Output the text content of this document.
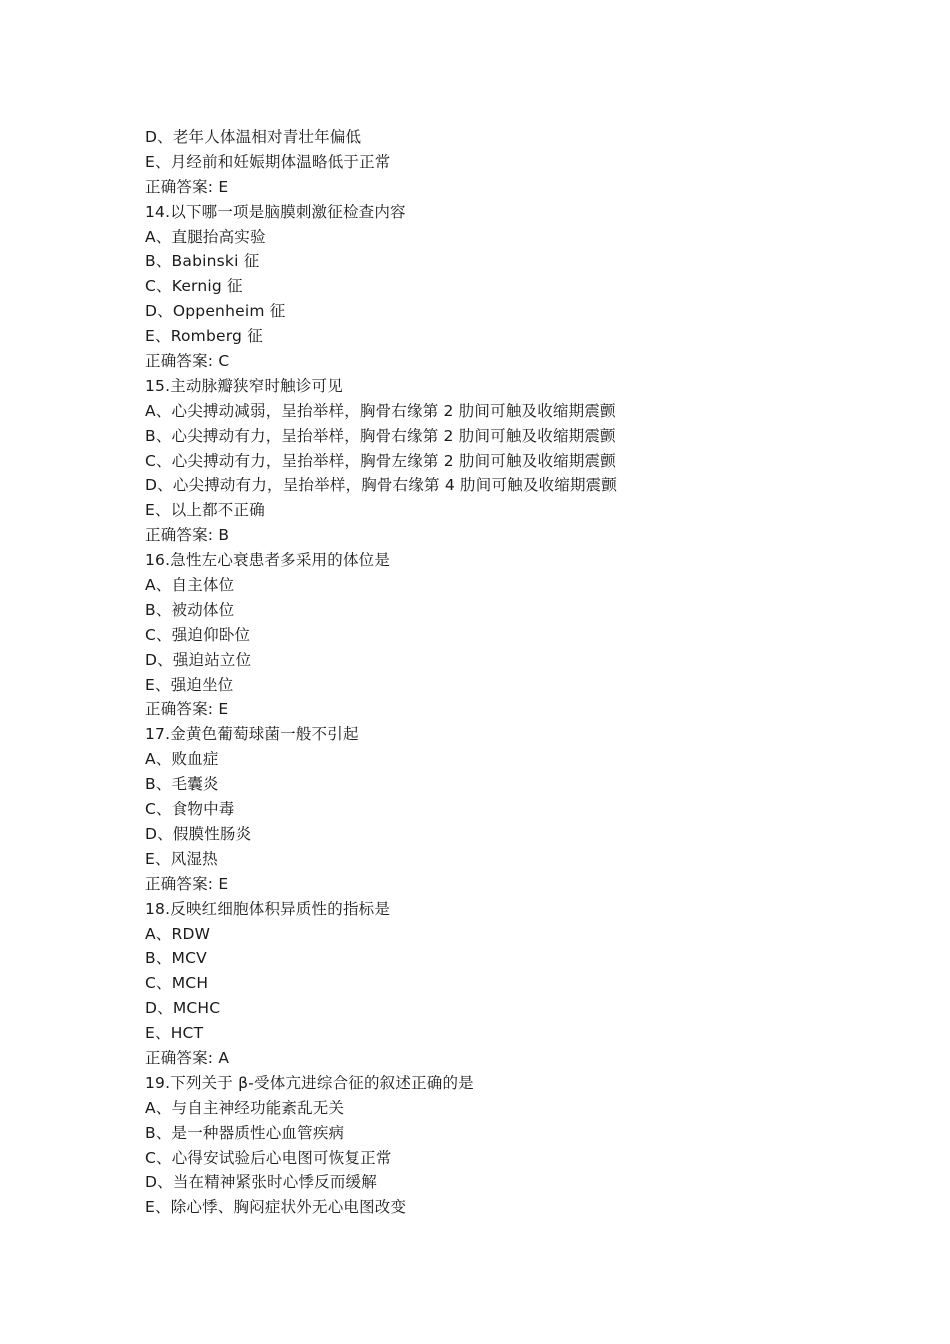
D、老年人体温相对青壮年偏低
E、月经前和妊娠期体温略低于正常
正确答案: E
14.以下哪一项是脑膜刺激征检查内容
A、直腿抬高实验
B、Babinski 征
C、Kernig 征
D、Oppenheim 征
E、Romberg 征
正确答案: C
15.主动脉瓣狭窄时触诊可见
A、心尖搏动减弱，呈抬举样，胸骨右缘第 2 肋间可触及收缩期震颤
B、心尖搏动有力，呈抬举样，胸骨右缘第 2 肋间可触及收缩期震颤
C、心尖搏动有力，呈抬举样，胸骨左缘第 2 肋间可触及收缩期震颤
D、心尖搏动有力，呈抬举样，胸骨右缘第 4 肋间可触及收缩期震颤
E、以上都不正确
正确答案: B
16.急性左心衰患者多采用的体位是
A、自主体位
B、被动体位
C、强迫仰卧位
D、强迫站立位
E、强迫坐位
正确答案: E
17.金黄色葡萄球菌一般不引起
A、败血症
B、毛囊炎
C、食物中毒
D、假膜性肠炎
E、风湿热
正确答案: E
18.反映红细胞体积异质性的指标是
A、RDW
B、MCV
C、MCH
D、MCHC
E、HCT
正确答案: A
19.下列关于 β-受体亢进综合征的叙述正确的是
A、与自主神经功能紊乱无关
B、是一种器质性心血管疾病
C、心得安试验后心电图可恢复正常
D、当在精神紧张时心悸反而缓解
E、除心悸、胸闷症状外无心电图改变
